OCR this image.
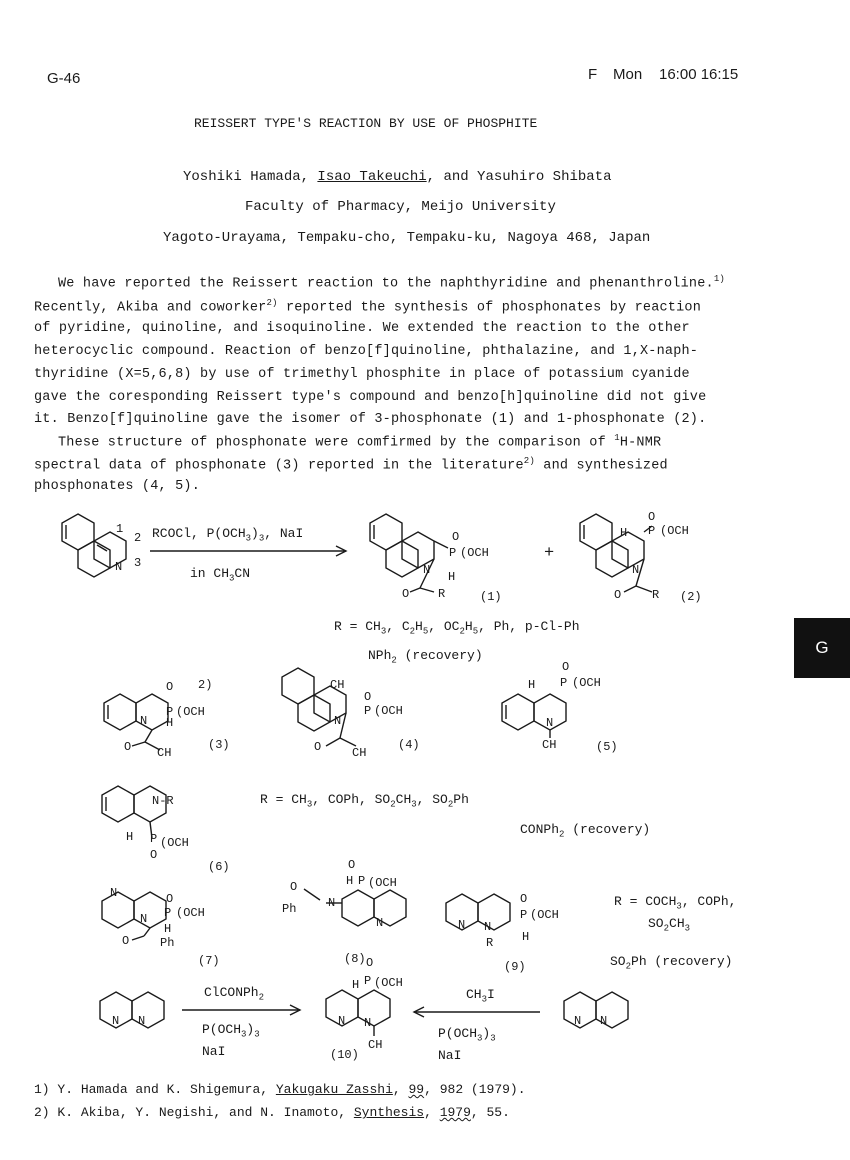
G-46	F Mon 16:00 16:15
REISSERT TYPE'S REACTION BY USE OF PHOSPHITE
Yoshiki Hamada, Isao Takeuchi, and Yasuhiro Shibata
Faculty of Pharmacy, Meijo University
Yagoto-Urayama, Tempaku-cho, Tempaku-ku, Nagoya 468, Japan
We have reported the Reissert reaction to the naphthyridine and phenanthroline.$^{1)}$
Recently, Akiba and coworker$^{2)}$ reported the synthesis of phosphonates by reaction
of pyridine, quinoline, and isoquinoline. We extended the reaction to the other
heterocyclic compound. Reaction of benzo[f]quinoline, phthalazine, and 1,X-naph-
thyridine (X=5,6,8) by use of trimethyl phosphite in place of potassium cyanide
gave the coresponding Reissert type's compound and benzo[h]quinoline did not give
it. Benzo[f]quinoline gave the isomer of 3-phosphonate (1) and 1-phosphonate (2).
These structure of phosphonate were comfirmed by the comparison of $^1$H-NMR
spectral data of phosphonate (3) reported in the literature$^{2)}$ and synthesized
phosphonates (4, 5).
N
1
2
3	N
O
P (OCH
H
O R	(1)
N
H
O
P (OCH
O	R (2)
N
O
P (OCH
H
O CH
2)
(3)
N
CH
O
P (OCH
O	CH
(4)
N
H
O
P (OCH
CH	(5)
N-R
H P (OCH
O
(6)
N
N
O
P (OCH
H
O	Ph
(7)
N
H
O
P (OCH
O
Ph
N
(8)
N N
R
O
P (OCH
H
(9)
N N	N N
H
O
P (OCH
CH
(10)
N N
RCOCl, $P(OCH_3)_3$, NaI
in $CH_3CN$
+
$R = CH_3$, $C_2H_5$, $OC_2H_5$, Ph, p-Cl-Ph
NPh$_2$ (recovery)
$R = CH_3$, COPh, $SO_2CH_3$, $SO_2Ph$
CONPh$_2$ (recovery)
$R = COCH_3$, COPh,
$SO_2CH_3$
$SO_2Ph$ (recovery)
ClCONPh$_2$
$P(OCH_3)_3$
NaI
$CH_3I$
$P(OCH_3)_3$
NaI
G
1) Y. Hamada and K. Shigemura, Yakugaku Zasshi, 99, 982 (1979).
2) K. Akiba, Y. Negishi, and N. Inamoto, Synthesis, 1979, 55.
